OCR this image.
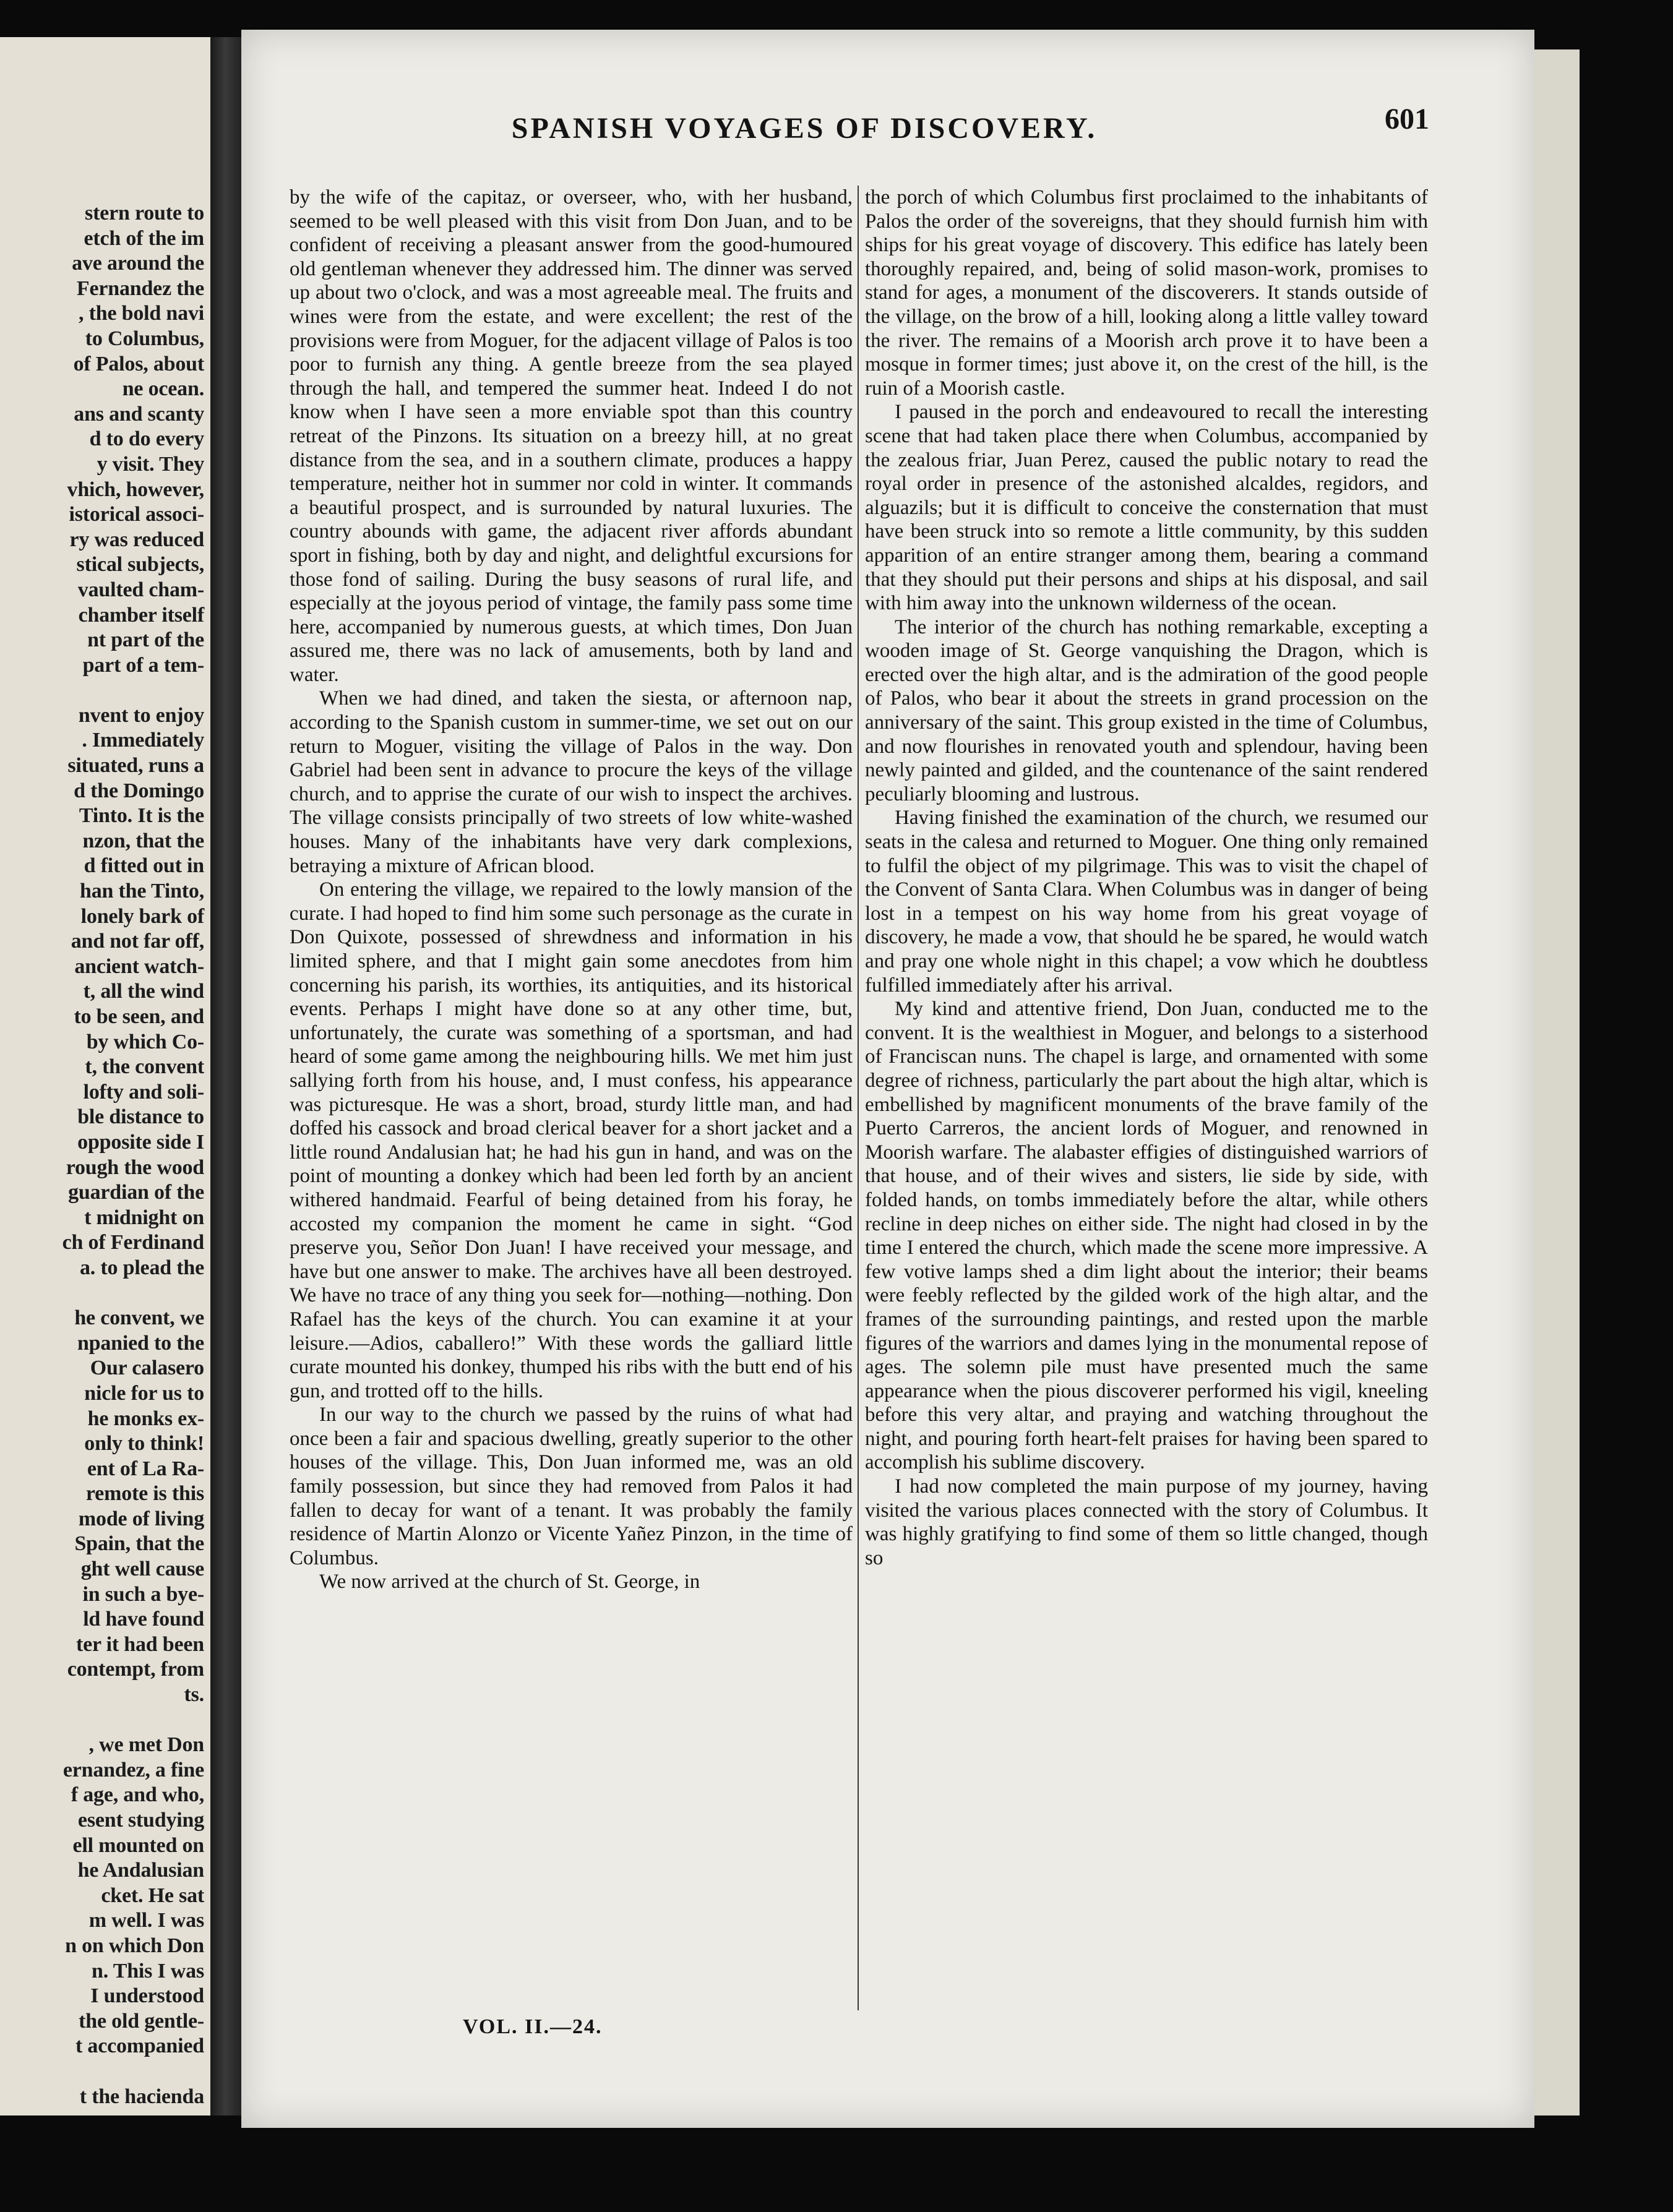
stern route to
etch of the im
ave around the
Fernandez the
, the bold navi
to Columbus,
of Palos, about
ne ocean.
ans and scanty
d to do every
y visit. They
vhich, however,
istorical associ-
ry was reduced
stical subjects,
vaulted cham-
chamber itself
nt part of the
part of a tem-

nvent to enjoy
. Immediately
situated, runs a
d the Domingo
Tinto. It is the
nzon, that the
d fitted out in
han the Tinto,
lonely bark of
and not far off,
ancient watch-
t, all the wind
to be seen, and
by which Co-
t, the convent
lofty and soli-
ble distance to
opposite side I
rough the wood
guardian of the
t midnight on
ch of Ferdinand
a. to plead the

he convent, we
npanied to the
Our calasero
nicle for us to
he monks ex-
only to think!
ent of La Ra-
remote is this
mode of living
Spain, that the
ght well cause
in such a bye-
ld have found
ter it had been
contempt, from
ts.

, we met Don
ernandez, a fine
f age, and who,
esent studying
ell mounted on
he Andalusian
cket. He sat
m well. I was
n on which Don
n. This I was
I understood
the old gentle-
t accompanied

t the hacienda
SPANISH VOYAGES OF DISCOVERY.	601

by the wife of the capitaz, or overseer, who, with her husband, seemed to be well pleased with this visit from Don Juan, and to be confident of receiving a pleasant answer from the good-humoured old gentleman whenever they addressed him. The dinner was served up about two o'clock, and was a most agreeable meal. The fruits and wines were from the estate, and were excellent; the rest of the provisions were from Moguer, for the adjacent village of Palos is too poor to furnish any thing. A gentle breeze from the sea played through the hall, and tempered the summer heat. Indeed I do not know when I have seen a more enviable spot than this country retreat of the Pinzons. Its situation on a breezy hill, at no great distance from the sea, and in a southern climate, produces a happy temperature, neither hot in summer nor cold in winter. It commands a beautiful prospect, and is surrounded by natural luxuries. The country abounds with game, the adjacent river affords abundant sport in fishing, both by day and night, and delightful excursions for those fond of sailing. During the busy seasons of rural life, and especially at the joyous period of vintage, the family pass some time here, accompanied by numerous guests, at which times, Don Juan assured me, there was no lack of amusements, both by land and water.

When we had dined, and taken the siesta, or afternoon nap, according to the Spanish custom in summer-time, we set out on our return to Moguer, visiting the village of Palos in the way. Don Gabriel had been sent in advance to procure the keys of the village church, and to apprise the curate of our wish to inspect the archives. The village consists principally of two streets of low white-washed houses. Many of the inhabitants have very dark complexions, betraying a mixture of African blood.

On entering the village, we repaired to the lowly mansion of the curate. I had hoped to find him some such personage as the curate in Don Quixote, possessed of shrewdness and information in his limited sphere, and that I might gain some anecdotes from him concerning his parish, its worthies, its antiquities, and its historical events. Perhaps I might have done so at any other time, but, unfortunately, the curate was something of a sportsman, and had heard of some game among the neighbouring hills. We met him just sallying forth from his house, and, I must confess, his appearance was picturesque. He was a short, broad, sturdy little man, and had doffed his cassock and broad clerical beaver for a short jacket and a little round Andalusian hat; he had his gun in hand, and was on the point of mounting a donkey which had been led forth by an ancient withered handmaid. Fearful of being detained from his foray, he accosted my companion the moment he came in sight. “God preserve you, Señor Don Juan! I have received your message, and have but one answer to make. The archives have all been destroyed. We have no trace of any thing you seek for—nothing—nothing. Don Rafael has the keys of the church. You can examine it at your leisure.—Adios, caballero!” With these words the galliard little curate mounted his donkey, thumped his ribs with the butt end of his gun, and trotted off to the hills.

In our way to the church we passed by the ruins of what had once been a fair and spacious dwelling, greatly superior to the other houses of the village. This, Don Juan informed me, was an old family possession, but since they had removed from Palos it had fallen to decay for want of a tenant. It was probably the family residence of Martin Alonzo or Vicente Yañez Pinzon, in the time of Columbus.

We now arrived at the church of St. George, in

the porch of which Columbus first proclaimed to the inhabitants of Palos the order of the sovereigns, that they should furnish him with ships for his great voyage of discovery. This edifice has lately been thoroughly repaired, and, being of solid mason-work, promises to stand for ages, a monument of the discoverers. It stands outside of the village, on the brow of a hill, looking along a little valley toward the river. The remains of a Moorish arch prove it to have been a mosque in former times; just above it, on the crest of the hill, is the ruin of a Moorish castle.

I paused in the porch and endeavoured to recall the interesting scene that had taken place there when Columbus, accompanied by the zealous friar, Juan Perez, caused the public notary to read the royal order in presence of the astonished alcaldes, regidors, and alguazils; but it is difficult to conceive the consternation that must have been struck into so remote a little community, by this sudden apparition of an entire stranger among them, bearing a command that they should put their persons and ships at his disposal, and sail with him away into the unknown wilderness of the ocean.

The interior of the church has nothing remarkable, excepting a wooden image of St. George vanquishing the Dragon, which is erected over the high altar, and is the admiration of the good people of Palos, who bear it about the streets in grand procession on the anniversary of the saint. This group existed in the time of Columbus, and now flourishes in renovated youth and splendour, having been newly painted and gilded, and the countenance of the saint rendered peculiarly blooming and lustrous.

Having finished the examination of the church, we resumed our seats in the calesa and returned to Moguer. One thing only remained to fulfil the object of my pilgrimage. This was to visit the chapel of the Convent of Santa Clara. When Columbus was in danger of being lost in a tempest on his way home from his great voyage of discovery, he made a vow, that should he be spared, he would watch and pray one whole night in this chapel; a vow which he doubtless fulfilled immediately after his arrival.

My kind and attentive friend, Don Juan, conducted me to the convent. It is the wealthiest in Moguer, and belongs to a sisterhood of Franciscan nuns. The chapel is large, and ornamented with some degree of richness, particularly the part about the high altar, which is embellished by magnificent monuments of the brave family of the Puerto Carreros, the ancient lords of Moguer, and renowned in Moorish warfare. The alabaster effigies of distinguished warriors of that house, and of their wives and sisters, lie side by side, with folded hands, on tombs immediately before the altar, while others recline in deep niches on either side. The night had closed in by the time I entered the church, which made the scene more impressive. A few votive lamps shed a dim light about the interior; their beams were feebly reflected by the gilded work of the high altar, and the frames of the surrounding paintings, and rested upon the marble figures of the warriors and dames lying in the monumental repose of ages. The solemn pile must have presented much the same appearance when the pious discoverer performed his vigil, kneeling before this very altar, and praying and watching throughout the night, and pouring forth heart-felt praises for having been spared to accomplish his sublime discovery.

I had now completed the main purpose of my journey, having visited the various places connected with the story of Columbus. It was highly gratifying to find some of them so little changed, though so

VOL. II.—24.
